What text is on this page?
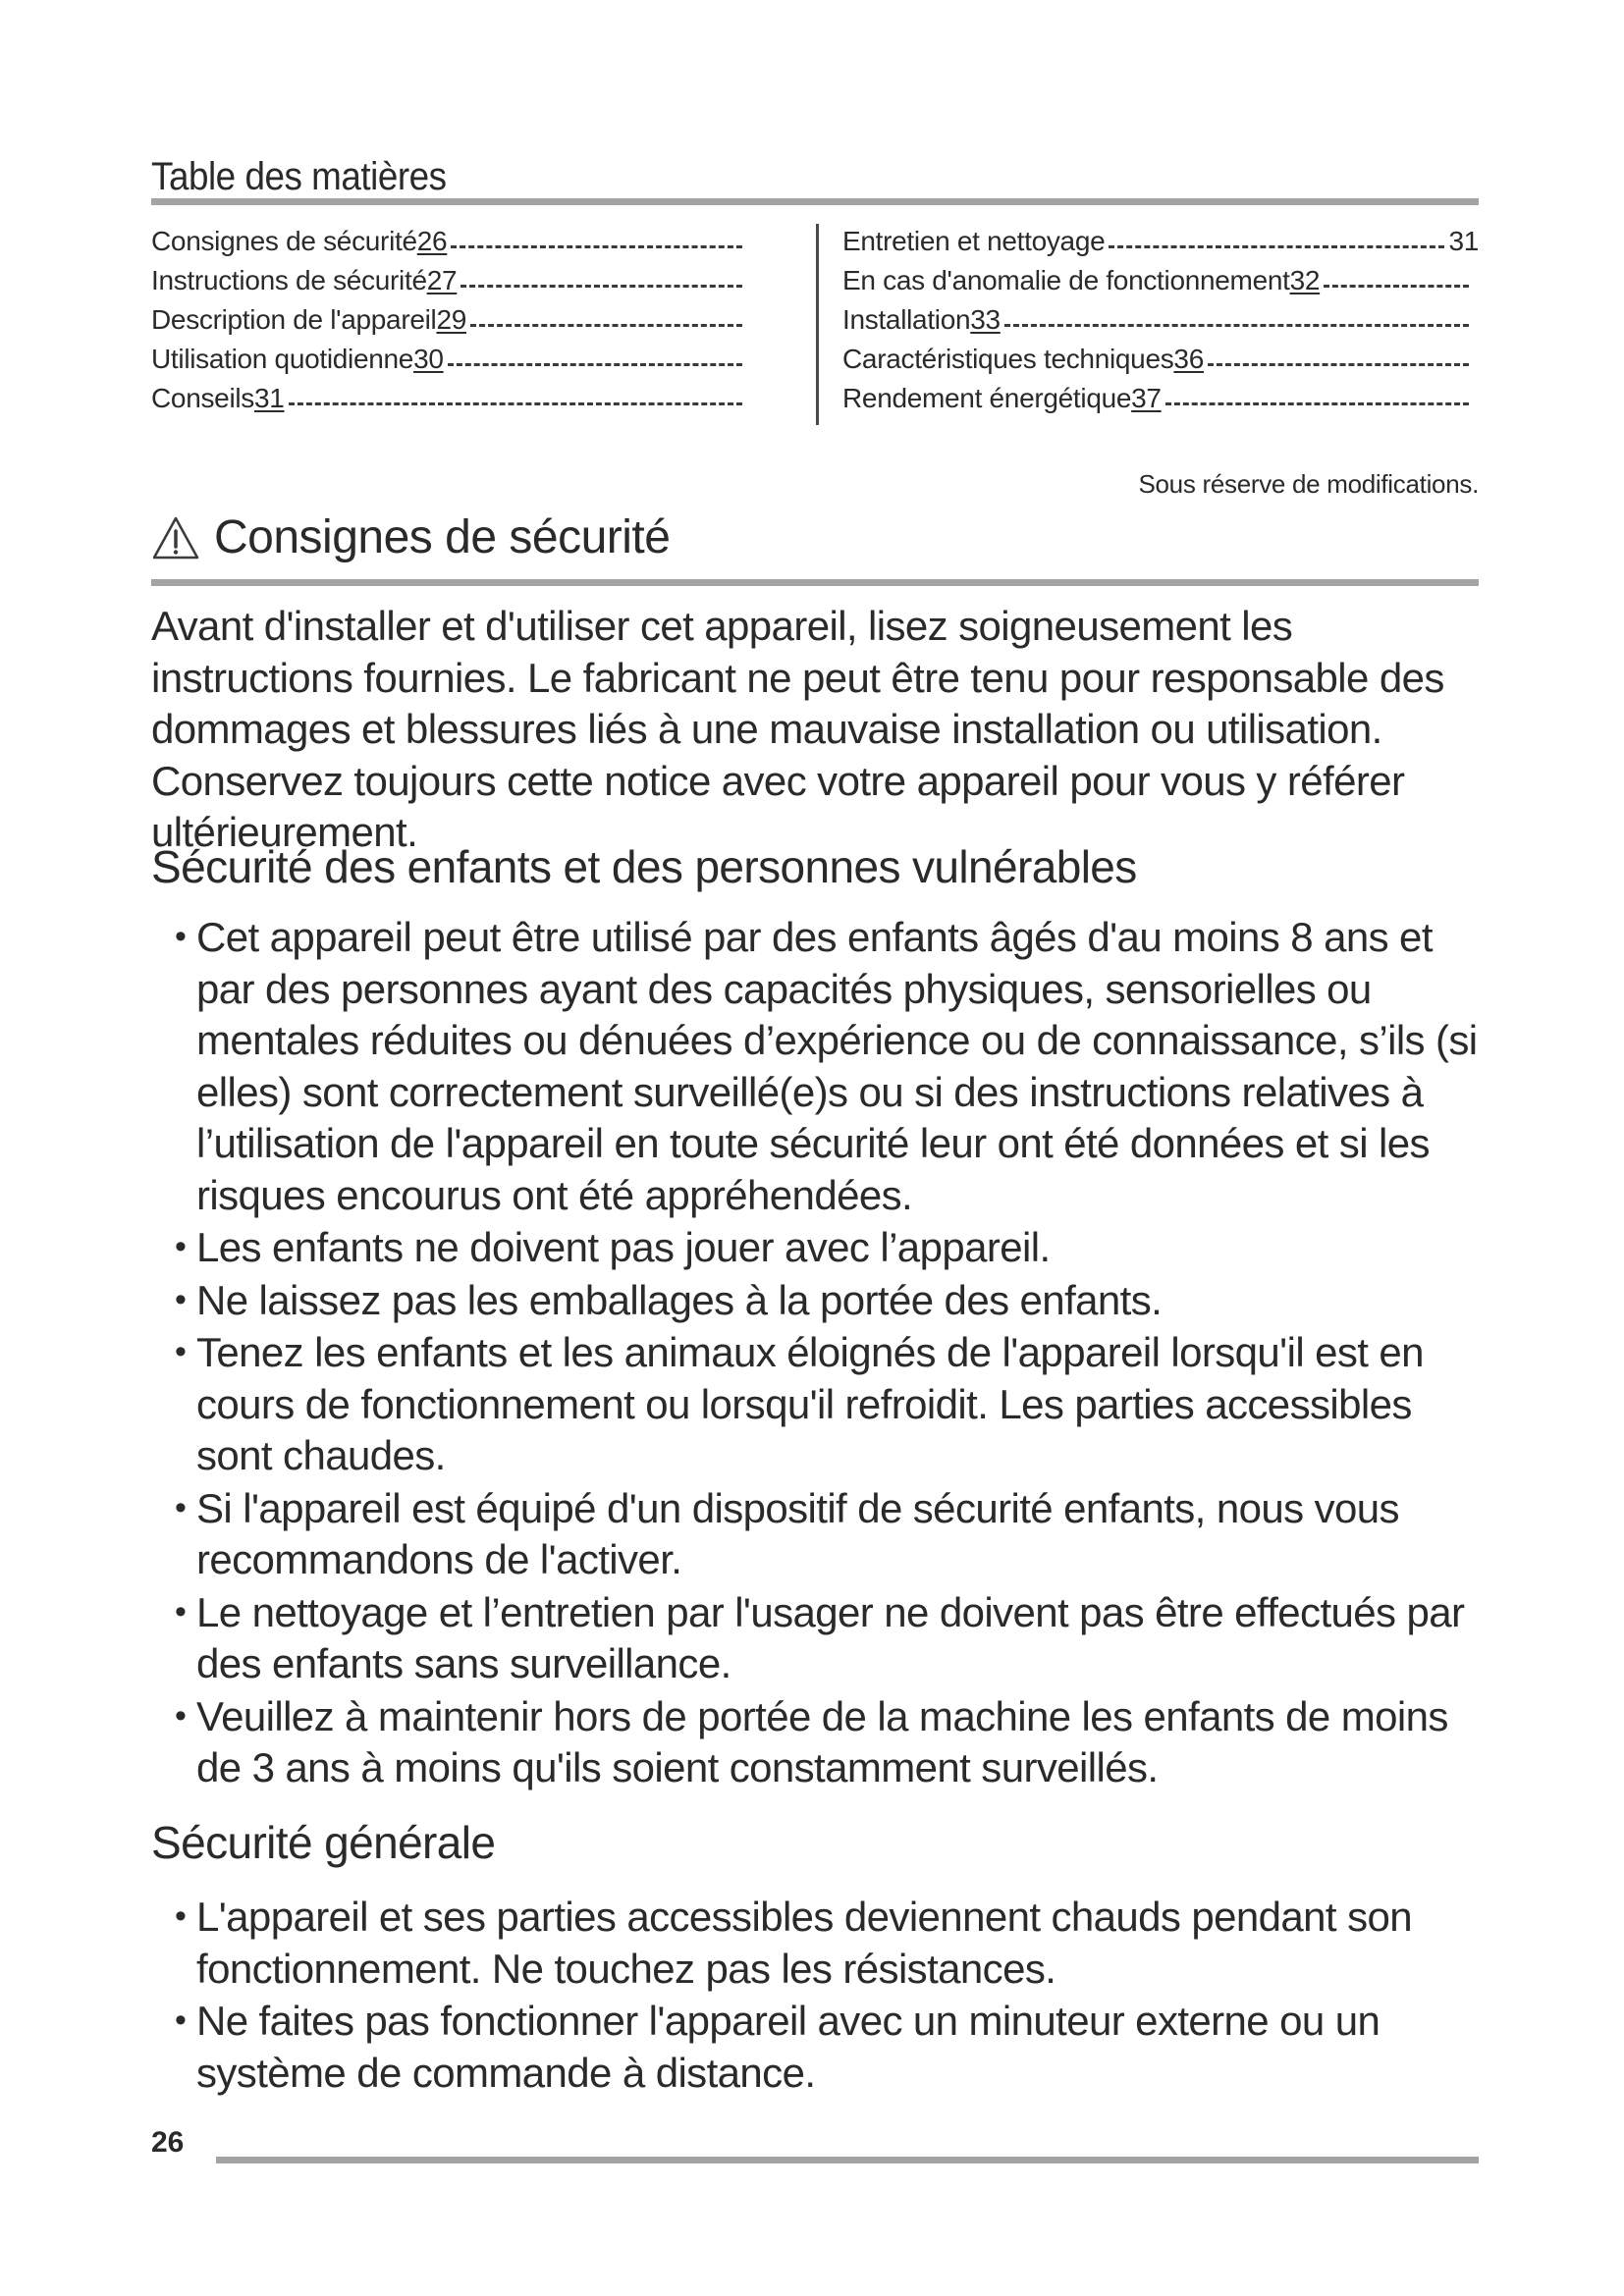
Table des matières
Consignes de sécurité 26
Instructions de sécurité 27
Description de l'appareil 29
Utilisation quotidienne 30
Conseils 31
Entretien et nettoyage	31
En cas d'anomalie de fonctionnement 32
Installation 33
Caractéristiques techniques 36
Rendement énergétique 37
Sous réserve de modifications.
Consignes de sécurité

Avant d'installer et d'utiliser cet appareil, lisez soigneusement les instructions fournies. Le fabricant ne peut être tenu pour responsable des dommages et blessures liés à une mauvaise installation ou utilisation. Conservez toujours cette notice avec votre appareil pour vous y référer ultérieurement.

Sécurité des enfants et des personnes vulnérables
• Cet appareil peut être utilisé par des enfants âgés d'au moins 8 ans et par des personnes ayant des capacités physiques, sensorielles ou mentales réduites ou dénuées d’expérience ou de connaissance, s’ils (si elles) sont correctement surveillé(e)s ou si des instructions relatives à l’utilisation de l'appareil en toute sécurité leur ont été données et si les risques encourus ont été appréhendées.
• Les enfants ne doivent pas jouer avec l’appareil.
• Ne laissez pas les emballages à la portée des enfants.
• Tenez les enfants et les animaux éloignés de l'appareil lorsqu'il est en cours de fonctionnement ou lorsqu'il refroidit. Les parties accessibles sont chaudes.
• Si l'appareil est équipé d'un dispositif de sécurité enfants, nous vous recommandons de l'activer.
• Le nettoyage et l’entretien par l'usager ne doivent pas être effectués par des enfants sans surveillance.
• Veuillez à maintenir hors de portée de la machine les enfants de moins de 3 ans à moins qu'ils soient constamment surveillés.
Sécurité générale
• L'appareil et ses parties accessibles deviennent chauds pendant son fonctionnement. Ne touchez pas les résistances.
• Ne faites pas fonctionner l'appareil avec un minuteur externe ou un système de commande à distance.
26
